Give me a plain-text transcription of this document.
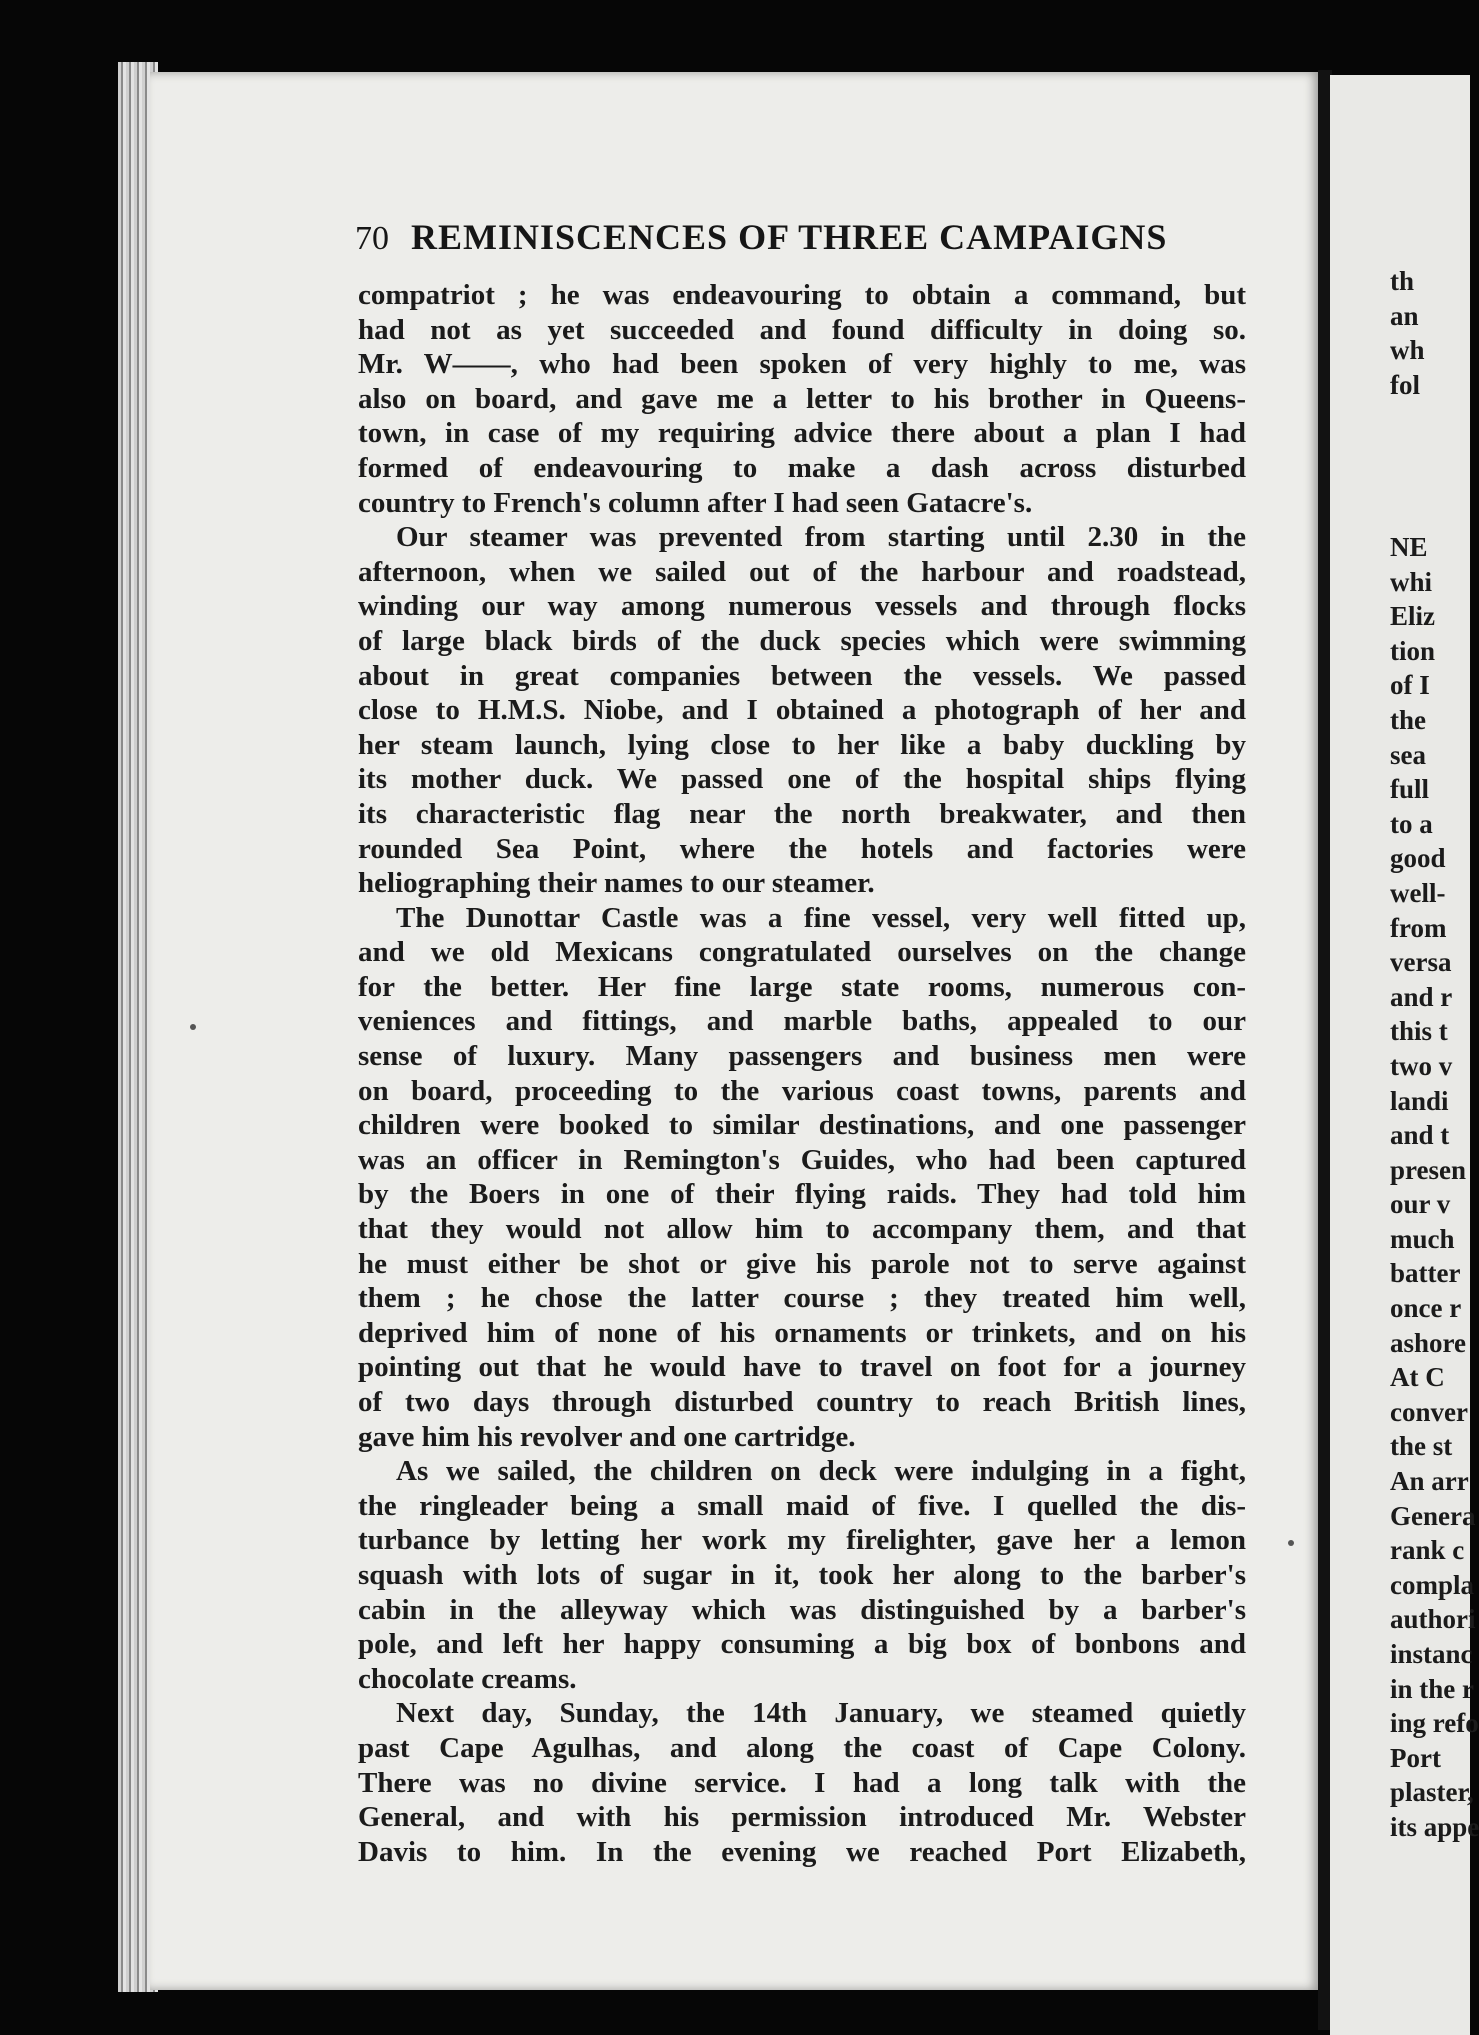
70 REMINISCENCES OF THREE CAMPAIGNS
compatriot ; he was endeavouring to obtain a command, but
had not as yet succeeded and found difficulty in doing so.
Mr. W——, who had been spoken of very highly to me, was
also on board, and gave me a letter to his brother in Queens-
town, in case of my requiring advice there about a plan I had
formed of endeavouring to make a dash across disturbed
country to French's column after I had seen Gatacre's.
Our steamer was prevented from starting until 2.30 in the
afternoon, when we sailed out of the harbour and roadstead,
winding our way among numerous vessels and through flocks
of large black birds of the duck species which were swimming
about in great companies between the vessels. We passed
close to H.M.S. Niobe, and I obtained a photograph of her and
her steam launch, lying close to her like a baby duckling by
its mother duck. We passed one of the hospital ships flying
its characteristic flag near the north breakwater, and then
rounded Sea Point, where the hotels and factories were
heliographing their names to our steamer.
The Dunottar Castle was a fine vessel, very well fitted up,
and we old Mexicans congratulated ourselves on the change
for the better. Her fine large state rooms, numerous con-
veniences and fittings, and marble baths, appealed to our
sense of luxury. Many passengers and business men were
on board, proceeding to the various coast towns, parents and
children were booked to similar destinations, and one passenger
was an officer in Remington's Guides, who had been captured
by the Boers in one of their flying raids. They had told him
that they would not allow him to accompany them, and that
he must either be shot or give his parole not to serve against
them ; he chose the latter course ; they treated him well,
deprived him of none of his ornaments or trinkets, and on his
pointing out that he would have to travel on foot for a journey
of two days through disturbed country to reach British lines,
gave him his revolver and one cartridge.
As we sailed, the children on deck were indulging in a fight,
the ringleader being a small maid of five. I quelled the dis-
turbance by letting her work my firelighter, gave her a lemon
squash with lots of sugar in it, took her along to the barber's
cabin in the alleyway which was distinguished by a barber's
pole, and left her happy consuming a big box of bonbons and
chocolate creams.
Next day, Sunday, the 14th January, we steamed quietly
past Cape Agulhas, and along the coast of Cape Colony.
There was no divine service. I had a long talk with the
General, and with his permission introduced Mr. Webster
Davis to him. In the evening we reached Port Elizabeth,
th
an
wh
fol
NE
whi
Eliz
tion
of I
the
sea
full
to a
good
well-
from
versa
and r
this t
two v
landi
and t
presen
our v
much
batter
once r
ashore
At C
conver
the st
An arr
Genera
rank c
compla
authori
instanc
in the r
ing refo
Port
plaster,
its appe
